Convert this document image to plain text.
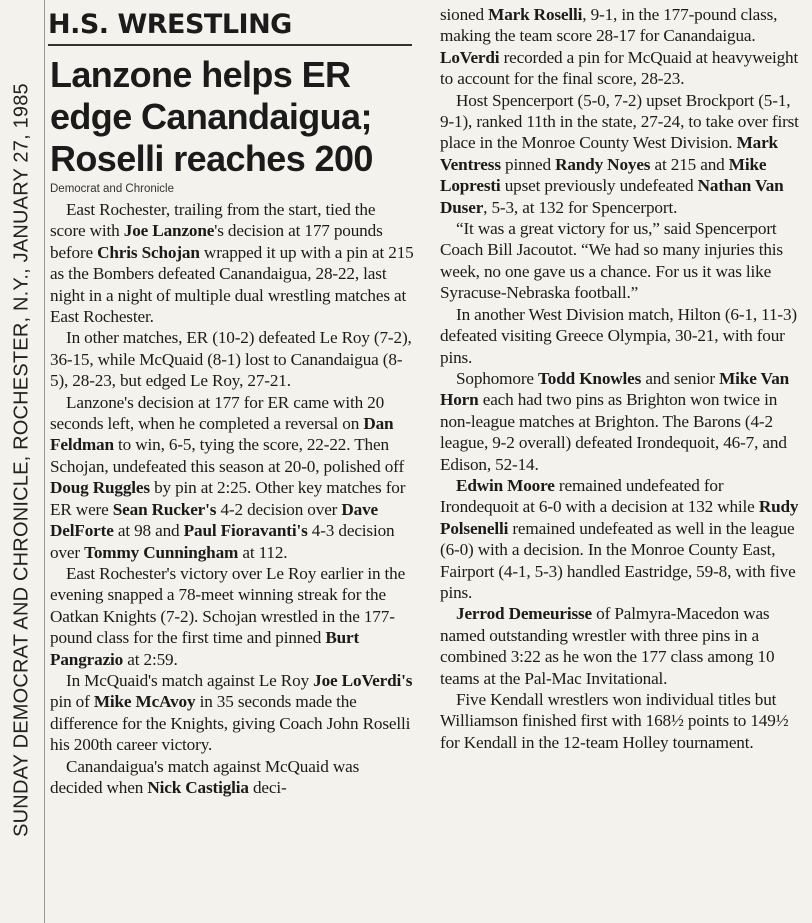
SUNDAY DEMOCRAT AND CHRONICLE, ROCHESTER, N.Y., JANUARY 27, 1985
H.S. WRESTLING
Lanzone helps ER
edge Canandaigua;
Roselli reaches 200
Democrat and Chronicle

East Rochester, trailing from the start, tied the score with Joe Lanzone's decision at 177 pounds before Chris Schojan wrapped it up with a pin at 215 as the Bombers defeated Canandaigua, 28-22, last night in a night of multiple dual wrestling matches at East Rochester.

In other matches, ER (10-2) defeated Le Roy (7-2), 36-15, while McQuaid (8-1) lost to Canandaigua (8-5), 28-23, but edged Le Roy, 27-21.

Lanzone's decision at 177 for ER came with 20 seconds left, when he completed a reversal on Dan Feldman to win, 6-5, tying the score, 22-22. Then Schojan, undefeated this season at 20-0, polished off Doug Ruggles by pin at 2:25. Other key matches for ER were Sean Rucker's 4-2 decision over Dave DelForte at 98 and Paul Fioravanti's 4-3 decision over Tommy Cunningham at 112.

East Rochester's victory over Le Roy earlier in the evening snapped a 78-meet winning streak for the Oatkan Knights (7-2). Schojan wrestled in the 177-pound class for the first time and pinned Burt Pangrazio at 2:59.

In McQuaid's match against Le Roy Joe LoVerdi's pin of Mike McAvoy in 35 seconds made the difference for the Knights, giving Coach John Roselli his 200th career victory.

Canandaigua's match against McQuaid was decided when Nick Castiglia deci-

sioned Mark Roselli, 9-1, in the 177-pound class, making the team score 28-17 for Canandaigua. LoVerdi recorded a pin for McQuaid at heavyweight to account for the final score, 28-23.

Host Spencerport (5-0, 7-2) upset Brockport (5-1, 9-1), ranked 11th in the state, 27-24, to take over first place in the Monroe County West Division. Mark Ventress pinned Randy Noyes at 215 and Mike Lopresti upset previously undefeated Nathan Van Duser, 5-3, at 132 for Spencerport.

“It was a great victory for us,” said Spencerport Coach Bill Jacoutot. “We had so many injuries this week, no one gave us a chance. For us it was like Syracuse-Nebraska football.”

In another West Division match, Hilton (6-1, 11-3) defeated visiting Greece Olympia, 30-21, with four pins.

Sophomore Todd Knowles and senior Mike Van Horn each had two pins as Brighton won twice in non-league matches at Brighton. The Barons (4-2 league, 9-2 overall) defeated Irondequoit, 46-7, and Edison, 52-14.

Edwin Moore remained undefeated for Irondequoit at 6-0 with a decision at 132 while Rudy Polsenelli remained undefeated as well in the league (6-0) with a decision. In the Monroe County East, Fairport (4-1, 5-3) handled Eastridge, 59-8, with five pins.

Jerrod Demeurisse of Palmyra-Macedon was named outstanding wrestler with three pins in a combined 3:22 as he won the 177 class among 10 teams at the Pal-Mac Invitational.

Five Kendall wrestlers won individual titles but Williamson finished first with 168½ points to 149½ for Kendall in the 12-team Holley tournament.
